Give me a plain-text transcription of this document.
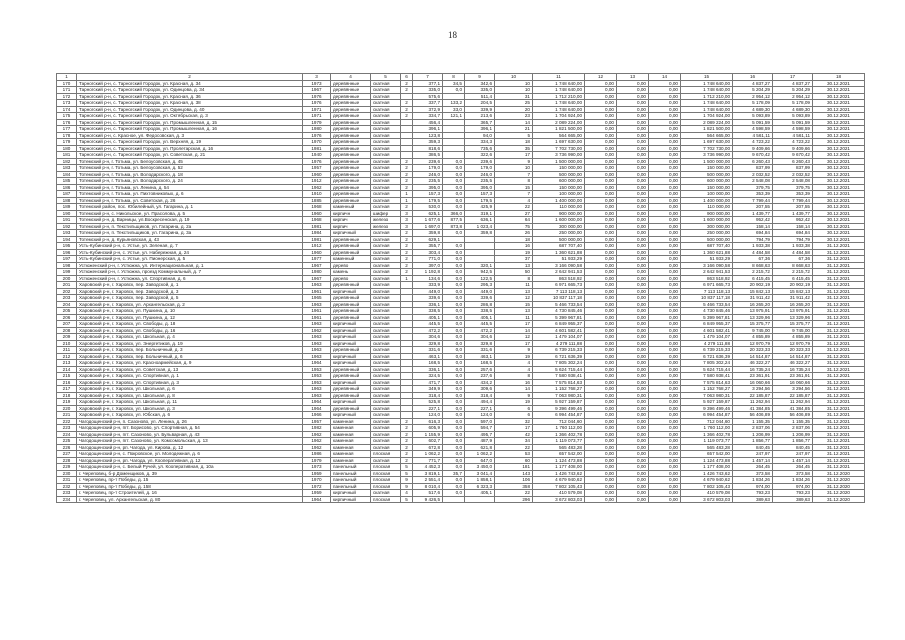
18
1	2	3	4	5	6	7	8	9	10	11	12	13	14	15	16	17	18
170	Тарногский р-н, с. Тарногский Городок, ул. Красная, д. 34	1973	деревянные	скатная	2	377,1	34,5	342,6	10	1 748 640,00	0,00	0,00	0,00	1 748 640,00	4 837,27	4 837,27	30.12.2021
171	Тарногский р-н, с. Тарногский Городок, ул. Одинцова, д. 34	1967	деревянные	скатная	2	335,0	0,0	335,0	10	1 748 640,00	0,00	0,00	0,00	1 748 640,00	5 204,29	5 204,29	30.12.2021
172	Тарногский р-н, с. Тарногский Городок, ул. Красная, д. 36	1976	деревянные	скатная		575,6		511,4	31	1 712 210,00	0,00	0,00	0,00	1 712 210,00	2 954,12	2 954,12	30.12.2021
173	Тарногский р-н, с. Тарногский Городок, ул. Красная, д. 38	1976	деревянные	скатная	2	337,7	133,2	204,5	25	1 748 640,00	0,00	0,00	0,00	1 748 640,00	5 178,09	5 178,09	30.12.2021
174	Тарногский р-н, с. Тарногский Городок, ул. Одинцова, д. 40	1971	деревянные	скатная	2	372,9	33,0	339,9	20	1 748 640,00	0,00	0,00	0,00	1 748 640,00	4 689,30	4 689,30	30.12.2021
175	Тарногский р-н, с. Тарногский Городок, ул. Октябрьская, д. 3	1971	деревянные	скатная	2	334,7	121,1	213,6	23	1 704 924,00	0,00	0,00	0,00	1 704 924,00	5 093,89	5 093,89	30.12.2021
176	Тарногский р-н, с. Тарногский Городок, ул. Промышленная, д. 15	1979	деревянные	скатная		456,4		365,7	14	2 089 224,00	0,00	0,00	0,00	2 089 224,00	5 091,59	5 091,59	30.12.2021
177	Тарногский р-н, с. Тарногский Городок, ул. Промышленная, д. 16	1980	деревянные	скатная		396,1		396,1	21	1 821 500,00	0,00	0,00	0,00	1 821 500,00	4 598,59	4 598,59	30.12.2021
178	Тарногский р-н, с. Красное, ул. Федосовская, д. 3	1976	деревянные	скатная		123,8		94,0	5	564 665,00	0,00	0,00	0,00	564 665,00	4 561,11	4 561,11	30.12.2021
179	Тарногский р-н, с. Тарногский Городок, ул. Верхняя, д. 19	1970	деревянные	скатная		359,3		334,3	18	1 697 630,00	0,00	0,00	0,00	1 697 630,00	4 723,22	4 723,22	30.12.2021
180	Тарногский р-н, с. Тарногский Городок, ул. Пролетарская, д. 16	1981	деревянные	скатная		818,6		735,6	35	7 702 730,00	0,00	0,00	0,00	7 702 730,00	9 409,66	9 409,66	30.12.2021
181	Тарногский р-н, с. Тарногский Городок, ул. Советская, д. 21	1940	деревянные	скатная		386,5		322,6	17	3 736 990,00	0,00	0,00	0,00	3 736 990,00	9 670,42	9 670,42	30.12.2021
182	Тотемский р-н, г. Тотьма, ул. Белоусовская, д. 45	1976	деревянные	скатная	2	239,6	0,0	239,6	9	1 500 000,00	0,00	0,00	0,00	1 500 000,00	6 260,43	6 260,43	30.12.2021
183	Тотемский р-н, г. Тотьма, ул. Белоусовская, д. 52	1957	деревянные	скатная	2	179,0	0,0	179,0	10	150 000,00	0,00	0,00	0,00	150 000,00	837,99	837,99	30.12.2021
184	Тотемский р-н, г. Тотьма, ул. Володарского, д. 18	1960	деревянные	скатная	2	246,0	0,0	246,0	7	500 000,00	0,00	0,00	0,00	500 000,00	2 032,52	2 032,52	30.12.2021
185	Тотемский р-н, г. Тотьма, ул. Володарского, д. 24	1912	деревянные	скатная	2	235,5	0,0	235,5	8	600 000,00	0,00	0,00	0,00	600 000,00	2 548,08	2 548,08	30.12.2021
186	Тотемский р-н, г. Тотьма, ул. Ленина, д. 54	1962	деревянные	скатная	2	395,0	0,0	395,0	15	150 000,00	0,00	0,00	0,00	150 000,00	379,75	379,75	30.12.2021
187	Тотемский р-н, г. Тотьма, ул. Пихтовниковых, д. 6	1910	деревянные	скатная	1	157,3	0,0	157,3	7	100 000,00	0,00	0,00	0,00	100 000,00	353,39	353,39	30.12.2021
188	Тотемский р-н, г. Тотьма, ул. Советская, д. 26	1885	деревянные	скатная	1	179,5	0,0	179,5	4	1 400 000,00	0,00	0,00	0,00	1 400 000,00	7 799,44	7 799,44	30.12.2021
189	Тотемский район, пос. Юбилейный, ул. Гагарина, д. 1	1968	каменный	скатная	2	530,0	0,0	425,9	22	110 000,00	0,00	0,00	0,00	110 000,00	207,55	207,55	30.12.2021
190	Тотемский р-н, с. Никольское, ул. Прасолова, д. 5	1960	кирпичн	шифер	3	625,1	366,0	319,1	27	900 000,00	0,00	0,00	0,00	900 000,00	1 439,77	1 439,77	30.12.2021
191	Тотемский р-н, д. Варницы, ул.Воскресенская, д. 19	1968	кирпич	железо	3	1 677,6	877,5	636,1	64	1 600 000,00	0,00	0,00	0,00	1 600 000,00	952,42	952,42	30.12.2021
192	Тотемский р-н, п. Текстильщиков, ул. Гагарина, д. 2а	1981	кирпич	железо	3	1 697,0	873,8	1 023,4	75	300 000,00	0,00	0,00	0,00	300 000,00	158,14	158,14	30.12.2021
193	Тотемский р-н, п. Текстильщиков, ул. Гагарина, д. 3а	1984	кирпичный	скатная	2	359,8	0,0	359,8	26	250 000,00	0,00	0,00	0,00	250 000,00	694,84	694,84	30.12.2021
194	Тотемский р-н, д. Курьяновская, д. 43	1981	деревянные	скатная	2	629,1			18	500 000,00	0,00	0,00	0,00	500 000,00	794,79	794,79	30.12.2021
195	Усть-Кубинский р-н, с. Устье, ул. Зеленая, д. 7	1912	деревянный	скатная	2	355,7	0,0		16	687 707,40	0,00	0,00	0,00	687 707,40	1 933,38	1 933,38	31.12.2021
196	Усть-Кубинский р-н, с. Устье, ул. Набережная, д. 24	1960	деревянный	скатная	2	303,4	0,0		19	1 360 621,88	0,00	0,00	0,00	1 360 621,88	4 484,58	4 484,58	31.12.2021
197	Усть-Кубинский р-н, с. Устье, ул. Пионерская, д. 5	1977	каменный	скатная	2	771,0	0,0		37	51 933,29	0,00	0,00	0,00	51 933,29	67,36	67,36	31.12.2021
198	Устюженский р-н, г. Устюжна, ул. Интернациональная, д. 1	1967	дерево	скатная	2	397,0	0,0	320,1	13	3 166 090,58	0,00	0,00	0,00	3 166 090,58	8 668,63	8 668,63	31.12.2021
199	Устюженский р-н, г. Устюжна, проезд Коммунальный, д. 7	1980	камень	скатная	2	1 192,8	0,0	942,5	50	2 642 941,53	0,00	0,00	0,00	2 642 941,53	2 215,72	2 215,72	31.12.2021
200	Устюженский р-н, г. Устюжна, ул. Спортивная, д. 6	1967	дерево	скатная	1	134,6	0,0	122,5	8	863 518,92	0,00	0,00	0,00	863 518,92	6 415,45	6 415,45	31.12.2021
201	Харовский р-н, г. Харовск, пер. Заводской, д. 1	1963	деревянный	скатная		333,9	0,0	295,3	11	6 971 665,73	0,00	0,00	0,00	6 971 665,73	20 902,19	20 902,19	31.12.2021
202	Харовский р-н, г. Харовск, пер. Заводской, д. 3	1961	кирпичный	скатная		449,0	0,0	449,0	13	7 113 118,13	0,00	0,00	0,00	7 113 118,13	15 842,13	15 842,13	31.12.2021
203	Харовский р-н, г. Харовск, пер. Заводской, д. 5	1965	деревянный	скатная		339,6	0,0	339,6	12	10 837 117,18	0,00	0,00	0,00	10 837 117,18	31 911,42	31 911,42	31.12.2021
204	Харовский р-н, г. Харовск, ул. Архангельская, д. 2	1963	деревянный	скатная		336,1	0,0	286,8	15	5 466 733,54	0,00	0,00	0,00	5 466 733,54	16 265,20	16 265,20	31.12.2021
205	Харовский р-н, г. Харовск, ул. Пушкина, д. 10	1961	деревянный	скатная		338,5	0,0	338,5	13	4 730 845,46	0,00	0,00	0,00	4 730 845,46	13 975,91	13 975,91	31.12.2021
206	Харовский р-н, г. Харовск, ул. Пушкина, д. 12	1961	деревянный	скатная		405,1	0,0	405,1	11	5 399 967,81	0,00	0,00	0,00	5 399 967,81	13 329,96	13 329,96	31.12.2021
207	Харовский р-н, г. Харовск, ул. Свободы, д. 18	1963	кирпичный	скатная		445,5	0,0	445,5	17	6 849 955,37	0,00	0,00	0,00	6 849 955,37	15 375,77	15 375,77	31.12.2021
208	Харовский р-н, г. Харовск, ул. Свободы, д. 16	1962	кирпичный	скатная		472,2	0,0	472,2	14	4 601 582,41	0,00	0,00	0,00	4 601 582,41	9 745,00	9 745,00	31.12.2021
209	Харовский р-н, г. Харовск, ул. Школьная, д. 4	1963	кирпичный	скатная		304,6	0,0	304,6	12	1 479 104,07	0,00	0,00	0,00	1 479 104,07	4 855,89	4 855,89	31.12.2021
210	Харовский р-н, г. Харовск, ул. Энергетиков, д. 19	1963	кирпичный	скатная		329,8	0,0	329,8	17	4 279 111,88	0,00	0,00	0,00	4 279 111,88	12 970,79	12 970,79	31.12.2021
211	Харовский р-н, г. Харовск, пер. Больничный, д. 3	1963	деревянный	скатная		331,6	0,0	331,6	9	6 739 215,33	0,00	0,00	0,00	6 739 215,33	20 323,33	20 323,33	31.12.2021
212	Харовский р-н, г. Харовск, пер. Больничный, д. 6	1963	кирпичный	скатная		463,1	0,0	463,1	19	6 721 636,39	0,00	0,00	0,00	6 721 636,39	14 514,87	14 514,87	31.12.2021
213	Харовский р-н, г. Харовск, ул. Красноармейская, д. 9	1964	кирпичный	скатная		168,5	0,0	168,5	4	7 805 302,24	0,00	0,00	0,00	7 805 302,24	46 322,27	46 322,27	31.12.2021
214	Харовский р-н, г. Харовск, ул. Советская, д. 13	1953	деревянный	скатная		336,1	0,0	257,6	4	5 624 715,44	0,00	0,00	0,00	5 624 715,44	16 735,24	16 735,24	31.12.2021
215	Харовский р-н, г. Харовск, ул. Спортивная, д. 1	1953	деревянный	скатная		324,5	0,0	237,6	8	7 580 938,41	0,00	0,00	0,00	7 580 938,41	23 361,91	23 361,91	31.12.2021
216	Харовский р-н, г. Харовск, ул. Спортивная, д. 3	1953	кирпичный	скатная		471,7	0,0	434,2	16	7 575 814,63	0,00	0,00	0,00	7 575 814,63	16 060,66	16 060,66	31.12.2021
217	Харовский р-н, г. Харовск, ул. Школьная, д. 6	1963	деревянный	скатная		349,9	0,0	309,6	14	1 152 768,27	0,00	0,00	0,00	1 152 768,27	3 294,56	3 294,56	31.12.2021
218	Харовский р-н, г. Харовск, ул. Школьная, д. 8	1963	деревянный	скатная		318,4	0,0	318,4	9	7 063 980,31	0,00	0,00	0,00	7 063 980,31	22 185,87	22 185,87	31.12.2021
219	Харовский р-н, г. Харовск, ул. Школьная, д. 11	1964	кирпичный	скатная		525,8	0,0	494,4	19	5 927 159,87	0,00	0,00	0,00	5 927 159,87	11 262,94	11 262,94	31.12.2021
220	Харовский р-н, г. Харовск, ул. Школьная, д. 3	1964	деревянный	скатная		227,1	0,0	227,1	6	9 396 499,46	0,00	0,00	0,00	9 396 499,46	41 384,85	41 384,85	31.12.2021
221	Харовский р-н, г. Харовск, ул. Юбская, д. 6	1966	кирпичный	скатная		124,0	0,0	124,0	6	6 994 454,87	0,00	0,00	0,00	6 994 454,87	56 406,89	56 406,89	31.12.2021
222	Чагодощенский р-н, п. Сазоново, ул. Ленина, д. 26	1957	каменная	скатная	2	616,3	0,0	597,0	32	712 044,60	0,00	0,00	0,00	712 044,60	1 155,35	1 155,35	31.12.2021
223	Чагодощенский р-н, пгт. Борисово, ул. Спортивная, д. 54	1982	каменная	скатная	2	605,9	0,0	594,7	17	1 760 112,00	0,00	0,00	0,00	1 760 112,00	2 837,06	2 837,06	31.12.2021
224	Чагодощенский р-н, пгт. Сазоново, ул. Бульварная, д. 43	1962	каменная	скатная	2	1 155,9	0,0	495,7	42	1 366 402,78	0,00	0,00	0,00	1 366 402,78	1 206,99	1 206,99	31.12.2021
225	Чагодощенский р-н, пгт. Сазоново, ул. Комсомольская, д. 13	1962	каменная	скатная	2	602,7	0,0	487,9	34	1 119 073,77	0,00	0,00	0,00	1 119 073,77	1 856,77	1 856,77	31.12.2021
226	Чагодощенский р-н, рп. Чагода, ул. Кирова, д. 12	1962	каменная	скатная	2	672,8	0,0	621,8	22	565 483,28	0,00	0,00	0,00	565 483,28	840,45	840,45	31.12.2021
227	Чагодощенский р-н, с. Покровское, ул. Молодежная, д. 6	1986	каменная	плоская	2	1 062,2	0,0	1 062,2	53	657 542,00	0,00	0,00	0,00	657 542,00	247,97	247,97	31.12.2021
228	Чагодощенский р-н, рп. Чагода, ул. Кооперативная, д. 12	1979	каменная	скатная	2	771,7	0,0	647,0	60	1 124 473,88	0,00	0,00	0,00	1 124 473,88	1 457,14	1 457,14	31.12.2021
229	Чагодощенский р-н, с. Белый Ручей, ул. Кооперативная, д. 10а	1973	панельный	плоская	5	4 452,3	0,0	3 450,0	181	1 177 408,00	0,00	0,00	0,00	1 177 408,00	264,45	264,45	31.12.2021
230	г. Череповец, б-р Доменщиков, д. 39	1959	панельный	плоская	5	3 819,1	35,7	3 041,4	143	1 426 743,62	0,00	0,00	0,00	1 426 743,62	373,58	373,58	31.12.2020
231	г. Череповец, пр-т Победы, д. 15	1970	панельный	плоская	9	2 551,4	0,0	1 858,1	106	4 679 940,62	0,00	0,00	0,00	4 679 940,62	1 834,26	1 834,26	31.12.2020
232	г. Череповец, пр-т Победы, д. 158	1972	панельный	плоская	9	8 010,4	0,0	6 323,3	358	7 802 105,43	0,00	0,00	0,00	7 802 105,43	974,00	974,00	31.12.2020
233	г. Череповец, пр-т Строителей, д. 16	1959	кирпичный	скатная	4	517,6	0,0	405,1	22	410 579,08	0,00	0,00	0,00	410 579,08	793,23	793,23	31.12.2020
234	г. Череповец, ул. Архангельская, д. 80	1964	кирпичный	плоская	5	9 426,5			296	3 672 803,03	0,00	0,00	0,00	3 672 803,03	389,63	389,63	31.12.2020
